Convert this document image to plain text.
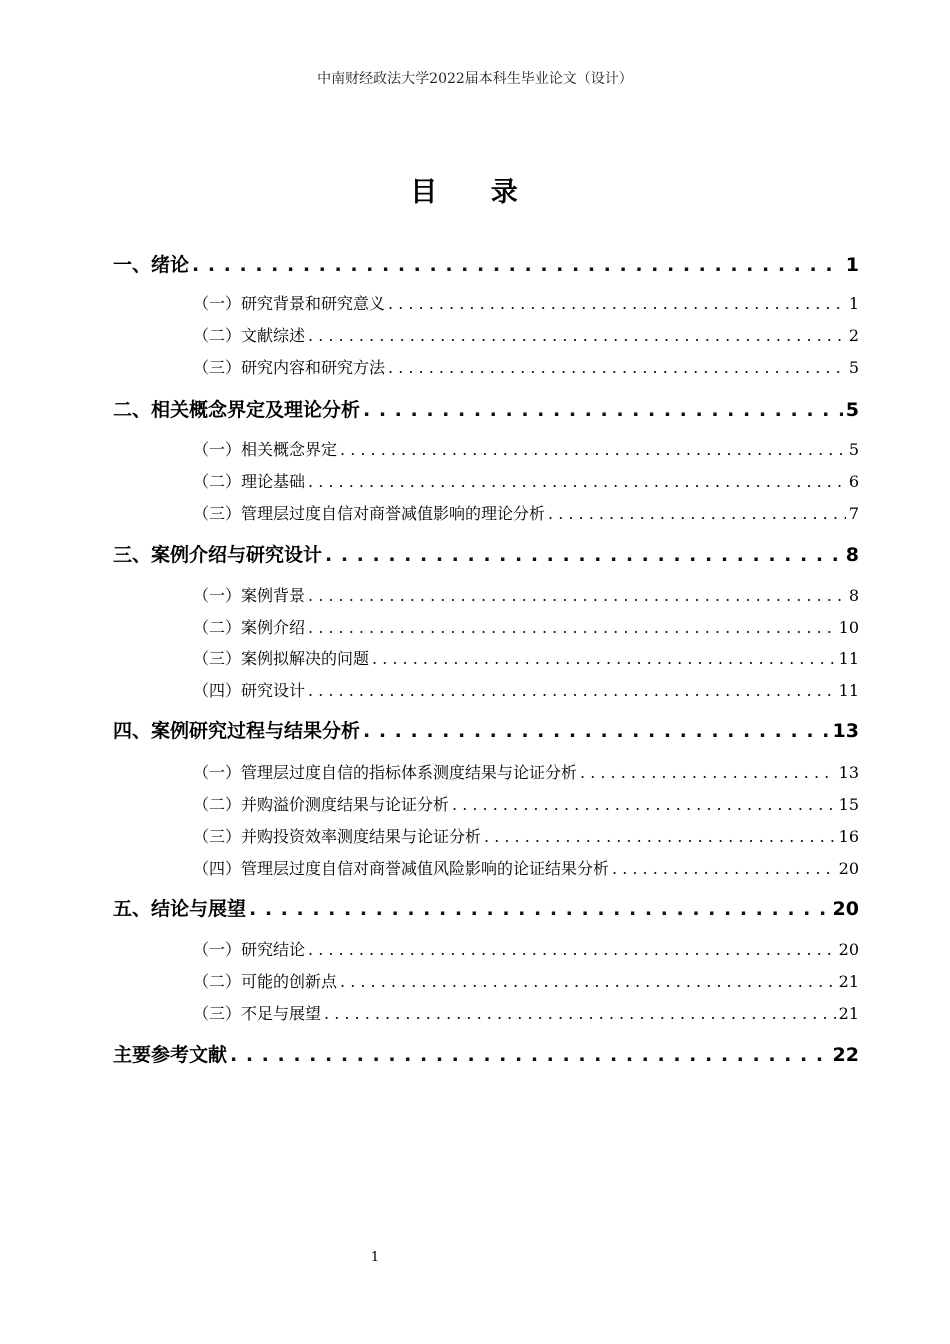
中南财经政法大学2022届本科生毕业论文（设计）
目 录
一、绪论 . . .	1
（一）研究背景和研究意义 . . .	1
（二）文献综述 . . .	2
（三）研究内容和研究方法 . . .	5
二、相关概念界定及理论分析 . . .	5
（一）相关概念界定 . . .	5
（二）理论基础 . . .	6
（三）管理层过度自信对商誉减值影响的理论分析 . . .	7
三、案例介绍与研究设计 . . .	8
（一）案例背景 . . .	8
（二）案例介绍 . . .	10
（三）案例拟解决的问题 . . .	11
（四）研究设计 . . .	11
四、案例研究过程与结果分析 . . .	13
（一）管理层过度自信的指标体系测度结果与论证分析 . . .	13
（二）并购溢价测度结果与论证分析 . . .	15
（三）并购投资效率测度结果与论证分析 . . .	16
（四）管理层过度自信对商誉减值风险影响的论证结果分析 . . .	20
五、结论与展望 . . .	20
（一）研究结论 . . .	20
（二）可能的创新点 . . .	21
（三）不足与展望 . . .	21
主要参考文献 . . .	22
1
